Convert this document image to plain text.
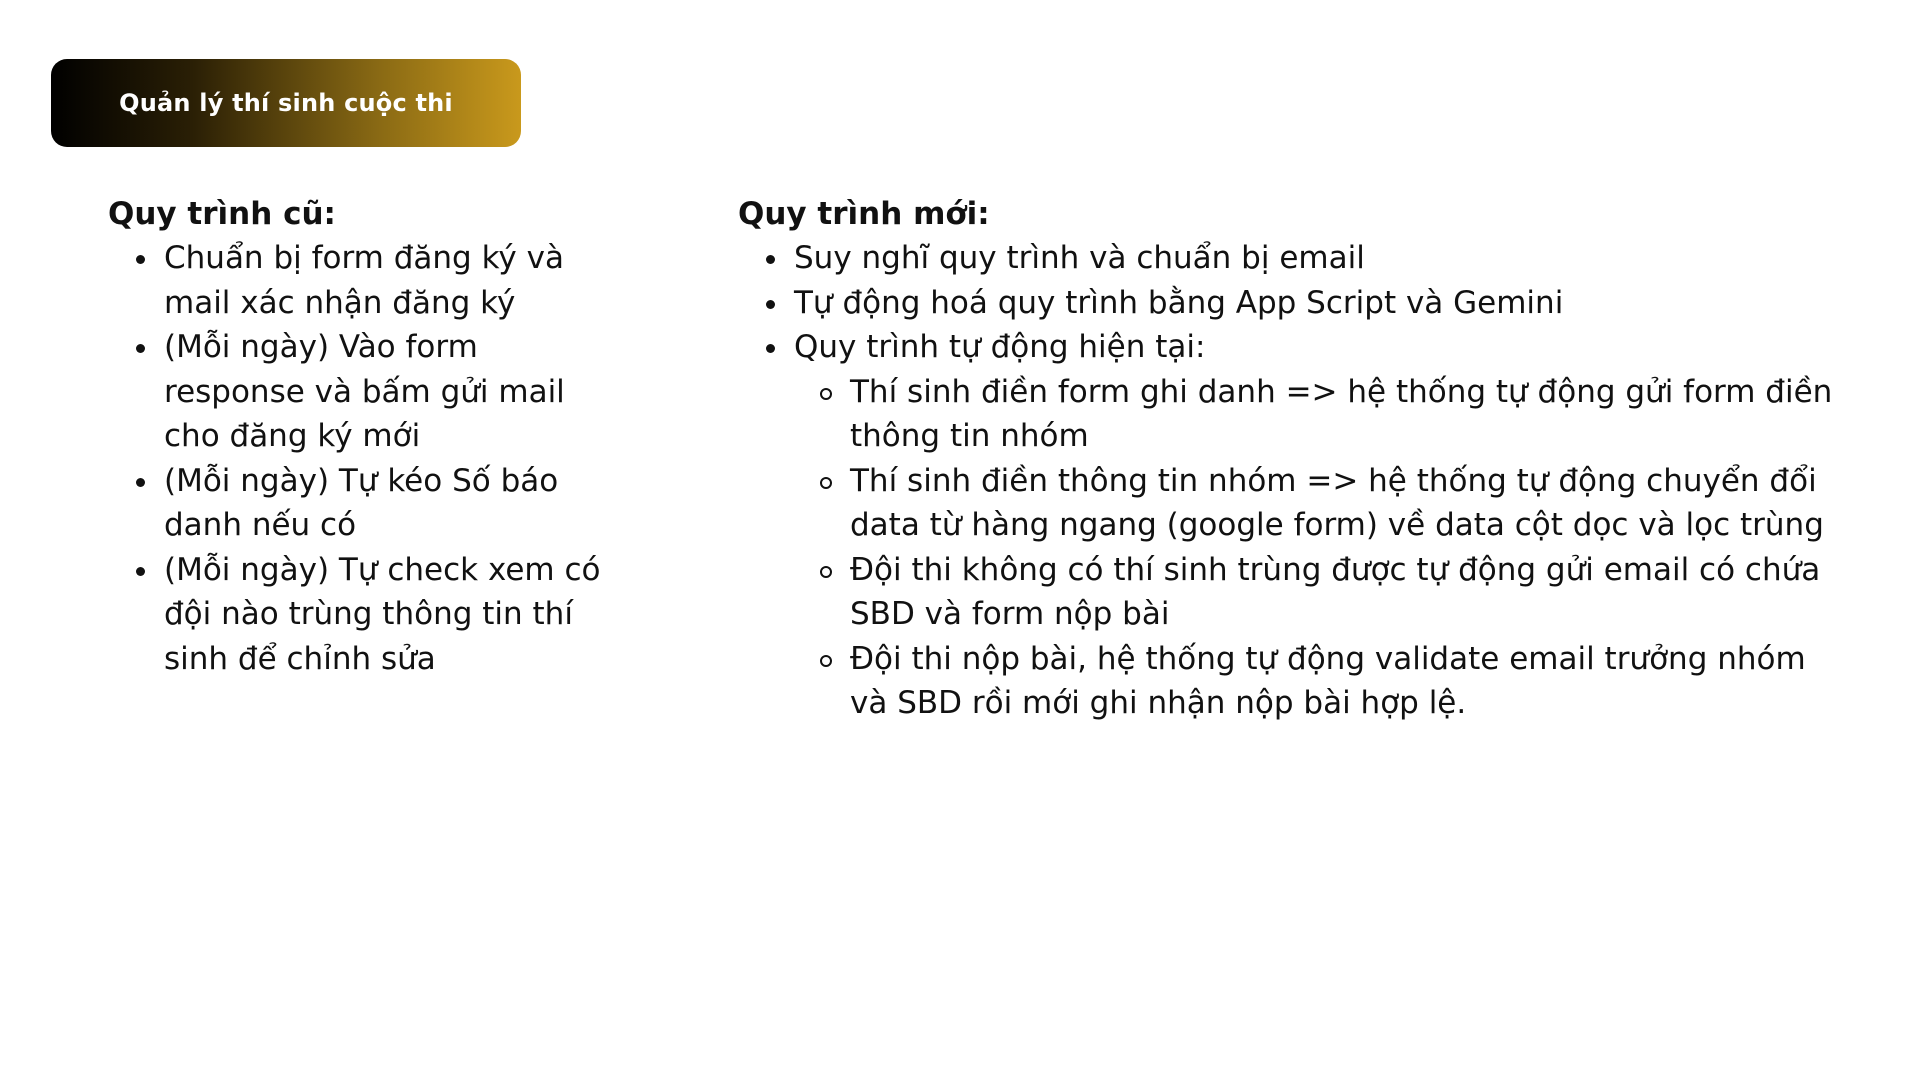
Quản lý thí sinh cuộc thi

Quy trình cũ:

Chuẩn bị form đăng ký và mail xác nhận đăng ký
(Mỗi ngày) Vào form response và bấm gửi mail cho đăng ký mới
(Mỗi ngày) Tự kéo Số báo danh nếu có
(Mỗi ngày) Tự check xem có đội nào trùng thông tin thí sinh để chỉnh sửa

Quy trình mới:

Suy nghĩ quy trình và chuẩn bị email
Tự động hoá quy trình bằng App Script và Gemini
Quy trình tự động hiện tại:
Thí sinh điền form ghi danh => hệ thống tự động gửi form điền thông tin nhóm
Thí sinh điền thông tin nhóm => hệ thống tự động chuyển đổi data từ hàng ngang (google form) về data cột dọc và lọc trùng
Đội thi không có thí sinh trùng được tự động gửi email có chứa SBD và form nộp bài
Đội thi nộp bài, hệ thống tự động validate email trưởng nhóm và SBD rồi mới ghi nhận nộp bài hợp lệ.
